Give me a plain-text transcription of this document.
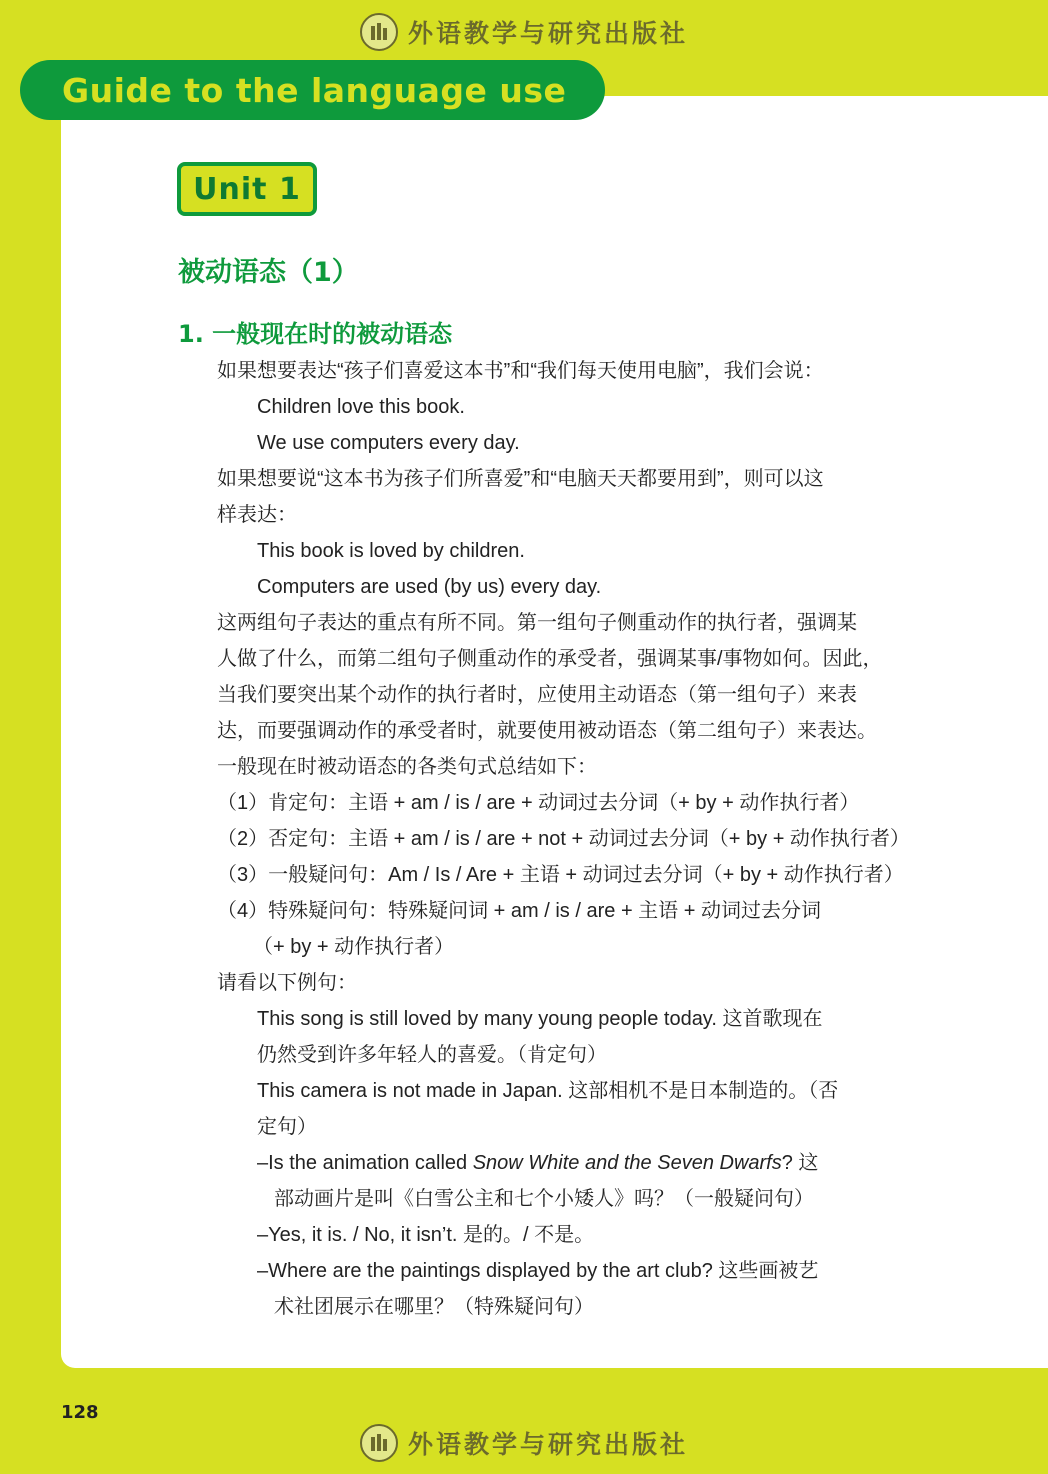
外语教学与研究出版社
Guide to the language use
Unit 1
被动语态（1）
1. 一般现在时的被动语态
如果想要表达“孩子们喜爱这本书”和“我们每天使用电脑”，我们会说：
Children love this book.
We use computers every day.
如果想要说“这本书为孩子们所喜爱”和“电脑天天都要用到”，则可以这
样表达：
This book is loved by children.
Computers are used (by us) every day.
这两组句子表达的重点有所不同。第一组句子侧重动作的执行者，强调某
人做了什么，而第二组句子侧重动作的承受者，强调某事/事物如何。因此，
当我们要突出某个动作的执行者时，应使用主动语态（第一组句子）来表
达，而要强调动作的承受者时，就要使用被动语态（第二组句子）来表达。
一般现在时被动语态的各类句式总结如下：
（1）肯定句：主语 + am / is / are + 动词过去分词（+ by + 动作执行者）
（2）否定句：主语 + am / is / are + not + 动词过去分词（+ by + 动作执行者）
（3）一般疑问句：Am / Is / Are + 主语 + 动词过去分词（+ by + 动作执行者）
（4）特殊疑问句：特殊疑问词 + am / is / are + 主语 + 动词过去分词
（+ by + 动作执行者）
请看以下例句：
This song is still loved by many young people today. 这首歌现在
仍然受到许多年轻人的喜爱。（肯定句）
This camera is not made in Japan. 这部相机不是日本制造的。（否
定句）
–Is the animation called Snow White and the Seven Dwarfs? 这
部动画片是叫《白雪公主和七个小矮人》吗？（一般疑问句）
–Yes, it is. / No, it isn’t. 是的。/ 不是。
–Where are the paintings displayed by the art club? 这些画被艺
术社团展示在哪里？（特殊疑问句）
128
外语教学与研究出版社
